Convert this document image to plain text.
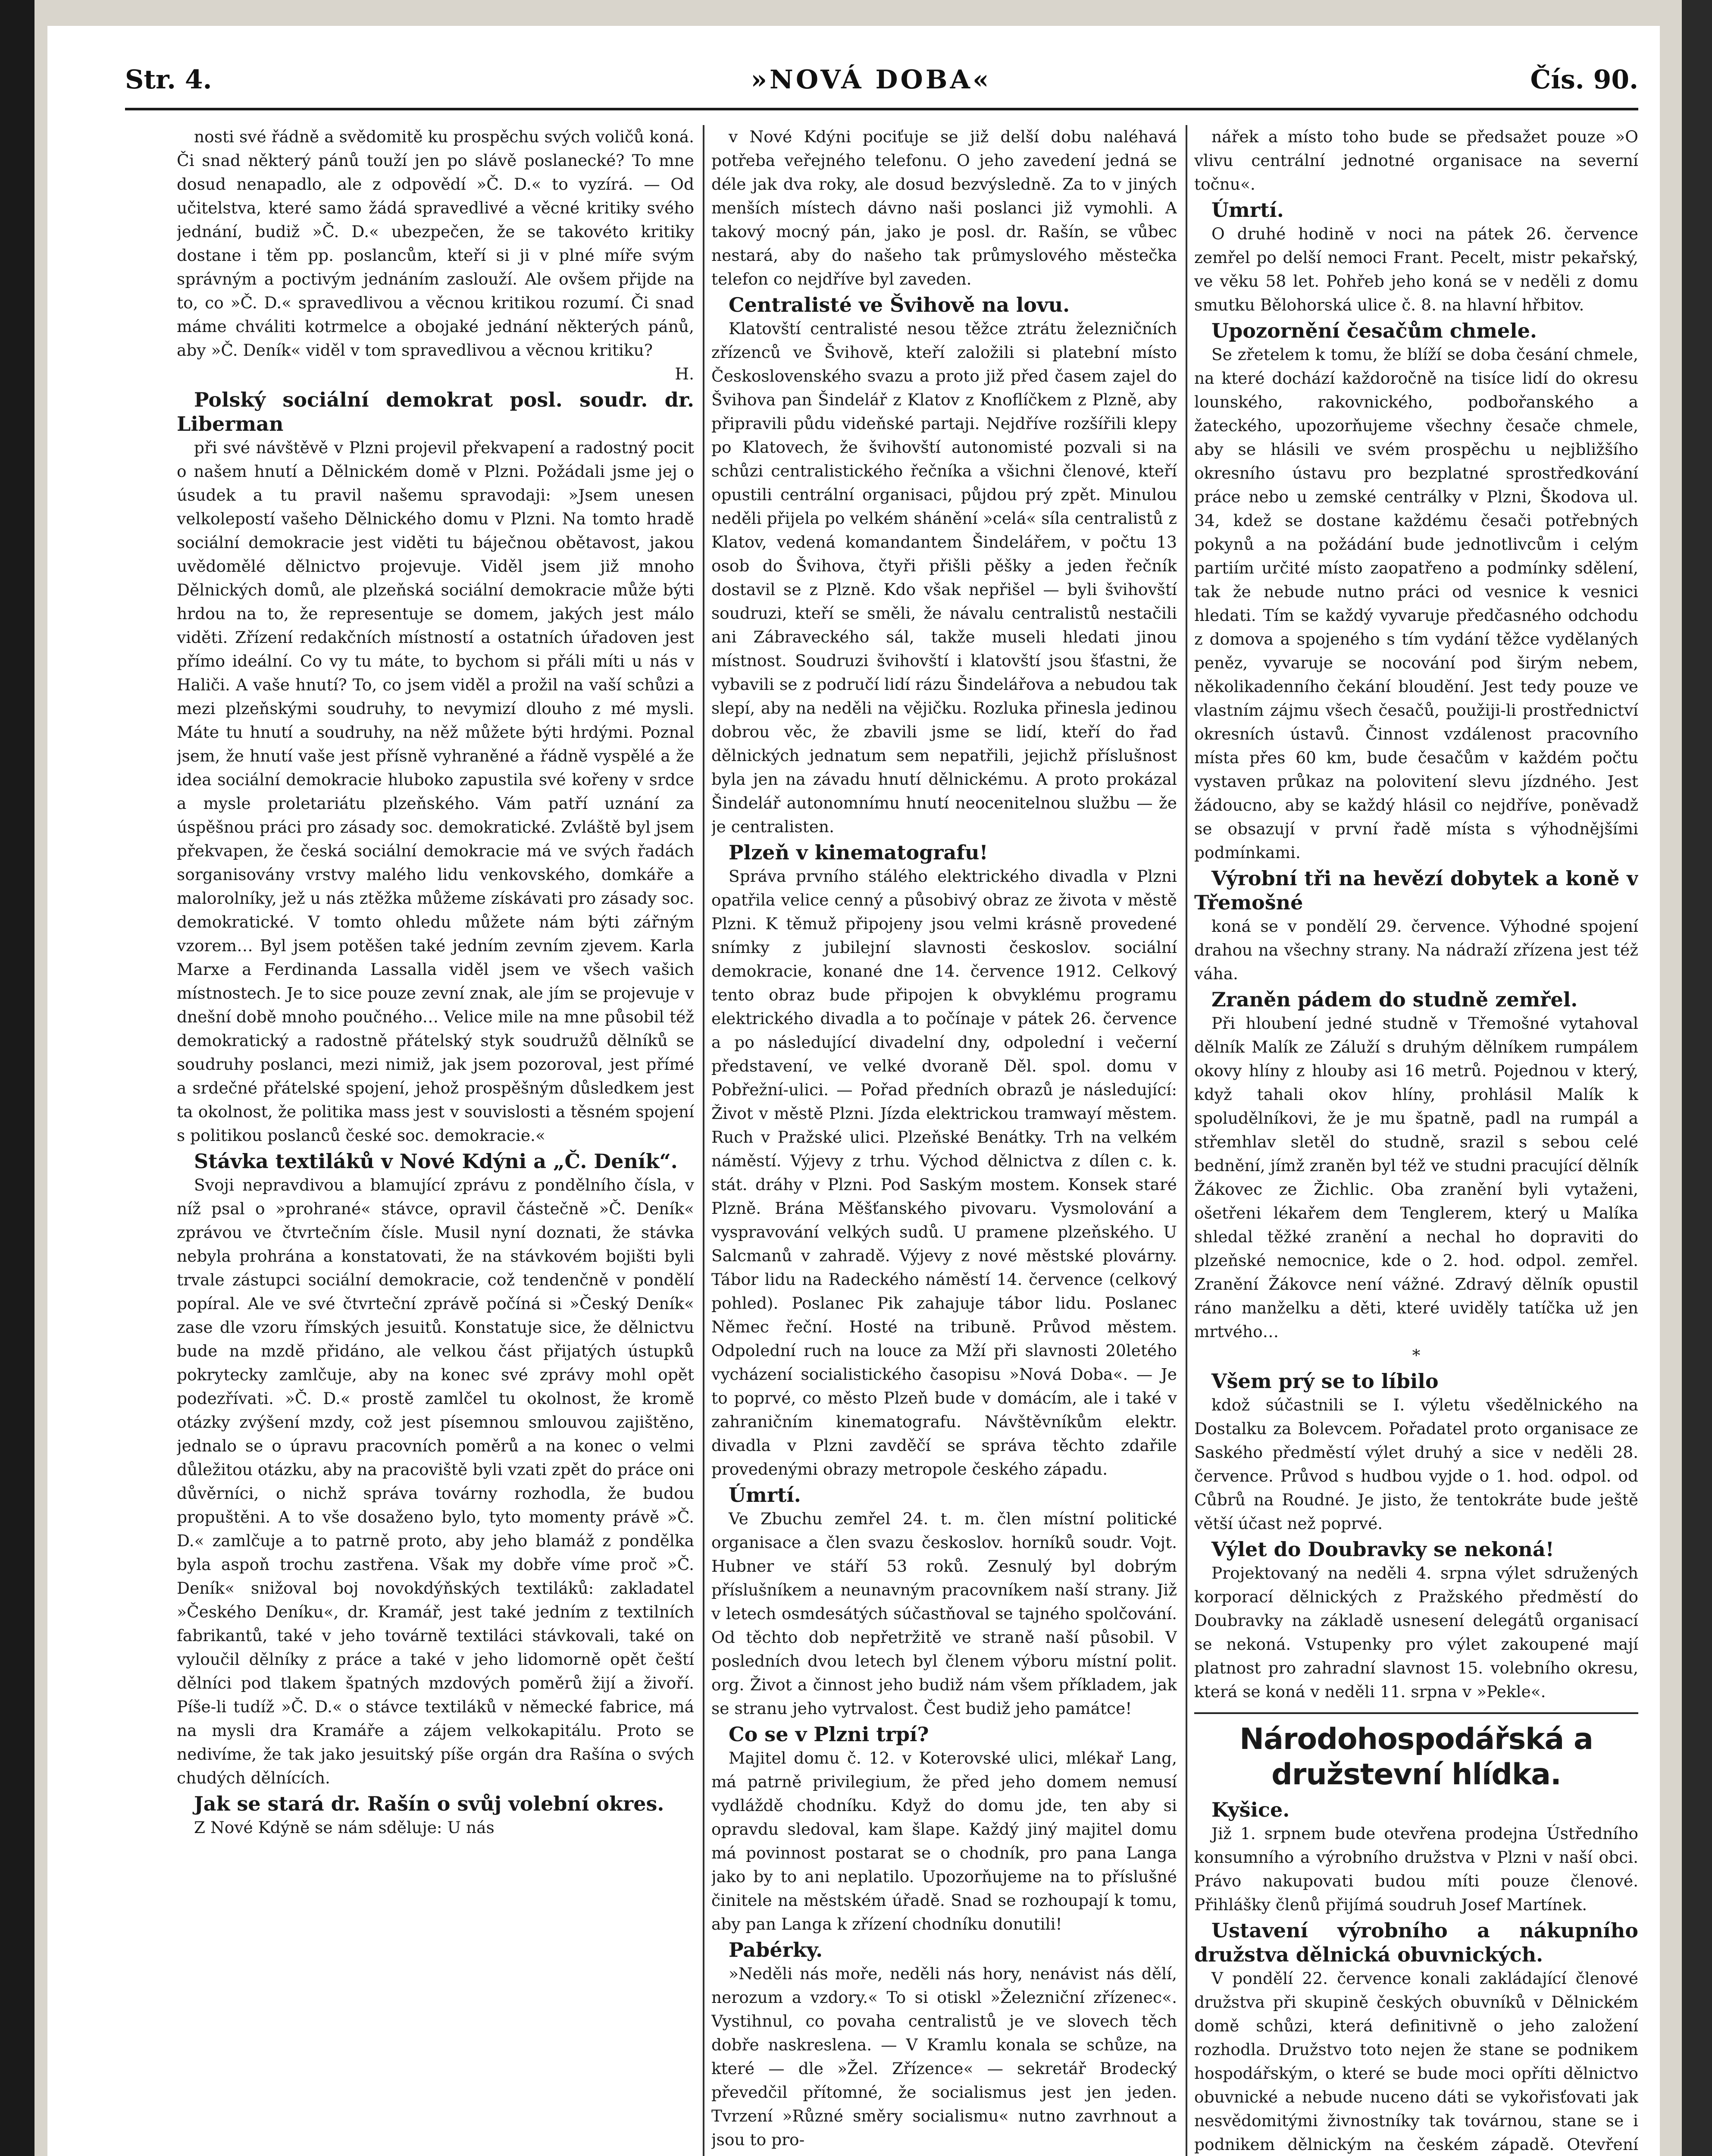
Str. 4.	»NOVÁ DOBA«	Čís. 90.

nosti své řádně a svědomitě ku prospěchu svých voličů koná. Či snad některý pánů touží jen po slávě poslanecké? To mne dosud nenapadlo, ale z odpovědí »Č. D.« to vyzírá. — Od učitelstva, které samo žádá spravedlivé a věcné kritiky svého jednání, budiž »Č. D.« ubezpečen, že se takovéto kritiky dostane i těm pp. poslancům, kteří si ji v plné míře svým správným a poctivým jednáním zaslouží. Ale ovšem přijde na to, co »Č. D.« spravedlivou a věcnou kritikou rozumí. Či snad máme chváliti kotrmelce a obojaké jednání některých pánů, aby »Č. Deník« viděl v tom spravedlivou a věcnou kritiku?

H.

Polský sociální demokrat posl. soudr. dr. Liberman

při své návštěvě v Plzni projevil překvapení a radostný pocit o našem hnutí a Dělnickém domě v Plzni. Požádali jsme jej o úsudek a tu pravil našemu spravodaji: »Jsem unesen velkolepostí vašeho Dělnického domu v Plzni. Na tomto hradě sociální demokracie jest viděti tu báječnou obětavost, jakou uvědomělé dělnictvo projevuje. Viděl jsem již mnoho Dělnických domů, ale plzeňská sociální demokracie může býti hrdou na to, že representuje se domem, jakých jest málo viděti. Zřízení redakčních místností a ostatních úřadoven jest přímo ideální. Co vy tu máte, to bychom si přáli míti u nás v Haliči. A vaše hnutí? To, co jsem viděl a prožil na vaší schůzi a mezi plzeňskými soudruhy, to nevymizí dlouho z mé mysli. Máte tu hnutí a soudruhy, na něž můžete býti hrdými. Poznal jsem, že hnutí vaše jest přísně vyhraněné a řádně vyspělé a že idea sociální demokracie hluboko zapustila své kořeny v srdce a mysle proletariátu plzeňského. Vám patří uznání za úspěšnou práci pro zásady soc. demokratické. Zvláště byl jsem překvapen, že česká sociální demokracie má ve svých řadách sorganisovány vrstvy malého lidu venkovského, domkáře a malorolníky, jež u nás ztěžka můžeme získávati pro zásady soc. demokratické. V tomto ohledu můžete nám býti zářným vzorem… Byl jsem potěšen také jedním zevním zjevem. Karla Marxe a Ferdinanda Lassalla viděl jsem ve všech vašich místnostech. Je to sice pouze zevní znak, ale jím se projevuje v dnešní době mnoho poučného… Velice mile na mne působil též demokratický a radostně přátelský styk soudružů dělníků se soudruhy poslanci, mezi nimiž, jak jsem pozoroval, jest přímé a srdečné přátelské spojení, jehož prospěšným důsledkem jest ta okolnost, že politika mass jest v souvislosti a těsném spojení s politikou poslanců české soc. demokracie.«

Stávka textiláků v Nové Kdýni a „Č. Deník“.

Svoji nepravdivou a blamující zprávu z pondělního čísla, v níž psal o »prohrané« stávce, opravil částečně »Č. Deník« zprávou ve čtvrtečním čísle. Musil nyní doznati, že stávka nebyla prohrána a konstatovati, že na stávkovém bojišti byli trvale zástupci sociální demokracie, což tendenčně v pondělí popíral. Ale ve své čtvrteční zprávě počíná si »Český Deník« zase dle vzoru římských jesuitů. Konstatuje sice, že dělnictvu bude na mzdě přidáno, ale velkou část přijatých ústupků pokrytecky zamlčuje, aby na konec své zprávy mohl opět podezřívati. »Č. D.« prostě zamlčel tu okolnost, že kromě otázky zvýšení mzdy, což jest písemnou smlouvou zajištěno, jednalo se o úpravu pracovních poměrů a na konec o velmi důležitou otázku, aby na pracoviště byli vzati zpět do práce oni důvěrníci, o nichž správa továrny rozhodla, že budou propuštěni. A to vše dosaženo bylo, tyto momenty právě »Č. D.« zamlčuje a to patrně proto, aby jeho blamáž z pondělka byla aspoň trochu zastřena. Však my dobře víme proč »Č. Deník« snižoval boj novokdýňských textiláků: zakladatel »Českého Deníku«, dr. Kramář, jest také jedním z textilních fabrikantů, také v jeho továrně textiláci stávkovali, také on vyloučil dělníky z práce a také v jeho lidomorně opět čeští dělníci pod tlakem špatných mzdových poměrů žijí a živoří. Píše-li tudíž »Č. D.« o stávce textiláků v německé fabrice, má na mysli dra Kramáře a zájem velkokapitálu. Proto se nedivíme, že tak jako jesuitský píše orgán dra Rašína o svých chudých dělnících.

Jak se stará dr. Rašín o svůj volební okres.

Z Nové Kdýně se nám sděluje: U nás

v Nové Kdýni pociťuje se již delší dobu naléhavá potřeba veřejného telefonu. O jeho zavedení jedná se déle jak dva roky, ale dosud bezvýsledně. Za to v jiných menších místech dávno naši poslanci již vymohli. A takový mocný pán, jako je posl. dr. Rašín, se vůbec nestará, aby do našeho tak průmyslového městečka telefon co nejdříve byl zaveden.

Centralisté ve Švihově na lovu.

Klatovští centralisté nesou těžce ztrátu železničních zřízenců ve Švihově, kteří založili si platební místo Československého svazu a proto již před časem zajel do Švihova pan Šindelář z Klatov z Knoflíčkem z Plzně, aby připravili půdu videňské partaji. Nejdříve rozšířili klepy po Klatovech, že švihovští autonomisté pozvali si na schůzi centralistického řečníka a všichni členové, kteří opustili centrální organisaci, půjdou prý zpět. Minulou neděli přijela po velkém shánění »celá« síla centralistů z Klatov, vedená komandantem Šindelářem, v počtu 13 osob do Švihova, čtyři přišli pěšky a jeden řečník dostavil se z Plzně. Kdo však nepřišel — byli švihovští soudruzi, kteří se směli, že návalu centralistů nestačili ani Zábraveckého sál, takže museli hledati jinou místnost. Soudruzi švihovští i klatovští jsou šťastni, že vybavili se z područí lidí rázu Šindelářova a nebudou tak slepí, aby na neděli na vějičku. Rozluka přinesla jedinou dobrou věc, že zbavili jsme se lidí, kteří do řad dělnických jednatum sem nepatřili, jejichž příslušnost byla jen na závadu hnutí dělnickému. A proto prokázal Šindelář autonomnímu hnutí neocenitelnou službu — že je centralisten.

Plzeň v kinematografu!

Správa prvního stálého elektrického divadla v Plzni opatřila velice cenný a působivý obraz ze života v městě Plzni. K těmuž připojeny jsou velmi krásně provedené snímky z jubilejní slavnosti českoslov. sociální demokracie, konané dne 14. července 1912. Celkový tento obraz bude připojen k obvyklému programu elektrického divadla a to počínaje v pátek 26. července a po následující divadelní dny, odpolední i večerní představení, ve velké dvoraně Děl. spol. domu v Pobřežní-ulici. — Pořad předních obrazů je následující: Život v městě Plzni. Jízda elektrickou tramwayí městem. Ruch v Pražské ulici. Plzeňské Benátky. Trh na velkém náměstí. Výjevy z trhu. Východ dělnictva z dílen c. k. stát. dráhy v Plzni. Pod Saským mostem. Konsek staré Plzně. Brána Měšťanského pivovaru. Vysmolování a vyspravování velkých sudů. U pramene plzeňského. U Salcmanů v zahradě. Výjevy z nové městské plovárny. Tábor lidu na Radeckého náměstí 14. července (celkový pohled). Poslanec Pik zahajuje tábor lidu. Poslanec Němec řeční. Hosté na tribuně. Průvod městem. Odpolední ruch na louce za Mží při slavnosti 20letého vycházení socialistického časopisu »Nová Doba«. — Je to poprvé, co město Plzeň bude v domácím, ale i také v zahraničním kinematografu. Návštěvníkům elektr. divadla v Plzni zavděčí se správa těchto zdařile provedenými obrazy metropole českého západu.

Úmrtí.

Ve Zbuchu zemřel 24. t. m. člen místní politické organisace a člen svazu českoslov. horníků soudr. Vojt. Hubner ve stáří 53 roků. Zesnulý byl dobrým příslušníkem a neunavným pracovníkem naší strany. Již v letech osmdesátých súčastňoval se tajného spolčování. Od těchto dob nepřetržitě ve straně naší působil. V posledních dvou letech byl členem výboru místní polit. org. Život a činnost jeho budiž nám všem příkladem, jak se stranu jeho vytrvalost. Čest budiž jeho památce!

Co se v Plzni trpí?

Majitel domu č. 12. v Koterovské ulici, mlékař Lang, má patrně privilegium, že před jeho domem nemusí vydláždě chodníku. Když do domu jde, ten aby si opravdu sledoval, kam šlape. Každý jiný majitel domu má povinnost postarat se o chodník, pro pana Langa jako by to ani neplatilo. Upozorňujeme na to příslušné činitele na městském úřadě. Snad se rozhoupají k tomu, aby pan Langa k zřízení chodníku donutili!

Pabérky.

»Neděli nás moře, neděli nás hory, nenávist nás dělí, nerozum a vzdory.« To si otiskl »Železniční zřízenec«. Vystihnul, co povaha centralistů je ve slovech těch dobře naskreslena. — V Kramlu konala se schůze, na které — dle »Žel. Zřízence« — sekretář Brodecký převedčil přítomné, že socialismus jest jen jeden. Tvrzení »Různé směry socialismu« nutno zavrhnout a jsou to pro-

nářek a místo toho bude se předsažet pouze »O vlivu centrální jednotné organisace na severní točnu«.

Úmrtí.

O druhé hodině v noci na pátek 26. července zemřel po delší nemoci Frant. Pecelt, mistr pekařský, ve věku 58 let. Pohřeb jeho koná se v neděli z domu smutku Bělohorská ulice č. 8. na hlavní hřbitov.

Upozornění česačům chmele.

Se zřetelem k tomu, že blíží se doba česání chmele, na které dochází každoročně na tisíce lidí do okresu lounského, rakovnického, podbořanského a žateckého, upozorňujeme všechny česače chmele, aby se hlásili ve svém prospěchu u nejbližšího okresního ústavu pro bezplatné sprostředkování práce nebo u zemské centrálky v Plzni, Škodova ul. 34, kdež se dostane každému česači potřebných pokynů a na požádání bude jednotlivcům i celým partiím určité místo zaopatřeno a podmínky sdělení, tak že nebude nutno práci od vesnice k vesnici hledati. Tím se každý vyvaruje předčasného odchodu z domova a spojeného s tím vydání těžce vydělaných peněz, vyvaruje se nocování pod širým nebem, několikadenního čekání bloudění. Jest tedy pouze ve vlastním zájmu všech česačů, použiji-li prostřednictví okresních ústavů. Činnost vzdálenost pracovního místa přes 60 km, bude česačům v každém počtu vystaven průkaz na polovitení slevu jízdného. Jest žádoucno, aby se každý hlásil co nejdříve, poněvadž se obsazují v první řadě místa s výhodnějšími podmínkami.

Výrobní tři na hevězí dobytek a koně v Třemošné

koná se v pondělí 29. července. Výhodné spojení drahou na všechny strany. Na nádraží zřízena jest též váha.

Zraněn pádem do studně zemřel.

Při hloubení jedné studně v Třemošné vytahoval dělník Malík ze Záluží s druhým dělníkem rumpálem okovy hlíny z hlouby asi 16 metrů. Pojednou v který, když tahali okov hlíny, prohlásil Malík k spoludělníkovi, že je mu špatně, padl na rumpál a střemhlav sletěl do studně, srazil s sebou celé bednění, jímž zraněn byl též ve studni pracující dělník Žákovec ze Žichlic. Oba zranění byli vytaženi, ošetřeni lékařem dem Tenglerem, který u Malíka shledal těžké zranění a nechal ho dopraviti do plzeňské nemocnice, kde o 2. hod. odpol. zemřel. Zranění Žákovce není vážné. Zdravý dělník opustil ráno manželku a děti, které uviděly tatíčka už jen mrtvého…

*

Všem prý se to líbilo

kdož súčastnili se I. výletu všedělnického na Dostalku za Bolevcem. Pořadatel proto organisace ze Saského předměstí výlet druhý a sice v neděli 28. července. Průvod s hudbou vyjde o 1. hod. odpol. od Cůbrů na Roudné. Je jisto, že tentokráte bude ještě větší účast než poprvé.

Výlet do Doubravky se nekoná!

Projektovaný na neděli 4. srpna výlet sdružených korporací dělnických z Pražského předměstí do Doubravky na základě usnesení delegátů organisací se nekoná. Vstupenky pro výlet zakoupené mají platnost pro zahradní slavnost 15. volebního okresu, která se koná v neděli 11. srpna v »Pekle«.

Národohospodářská a družstevní hlídka.
Kyšice.

Již 1. srpnem bude otevřena prodejna Ústředního konsumního a výrobního družstva v Plzni v naší obci. Právo nakupovati budou míti pouze členové. Přihlášky členů přijímá soudruh Josef Martínek.

Ustavení výrobního a nákupního družstva dělnická obuvnických.

V pondělí 22. července konali zakládající členové družstva při skupině českých obuvníků v Dělnickém domě schůzi, která definitivně o jeho založení rozhodla. Družstvo toto nejen že stane se podnikem hospodářským, o které se bude moci opříti dělnictvo obuvnické a nebude nuceno dáti se vykořisťovati jak nesvědomitými živnostníky tak továrnou, stane se i podnikem dělnickým na českém západě. Otevření
